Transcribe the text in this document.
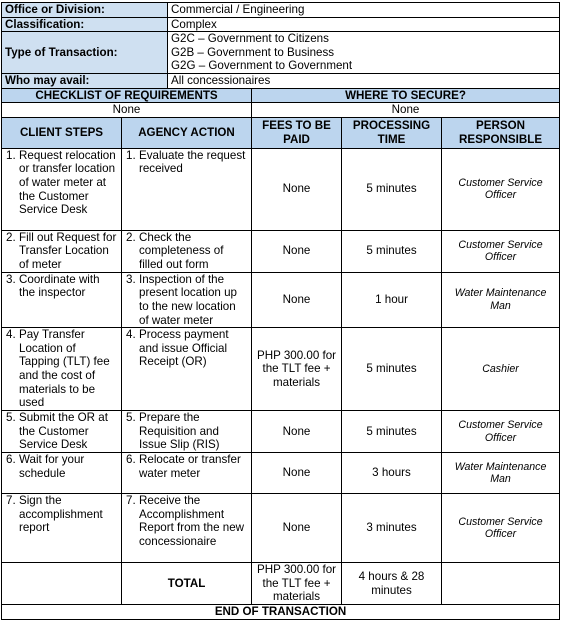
Office or Division:		Commercial / Engineering			
Classification:		Complex			
Type of Transaction:		G2C – Government to Citizens
G2B – Government to Business
G2G – Government to Government			

Who may avail:		All concessionaires			
CHECKLIST OF REQUIREMENTS			WHERE TO SECURE?		
None			None		
CLIENT STEPS	AGENCY ACTION		FEES TO BE PAID	PROCESSING TIME	PERSON RESPONSIBLE

1. Request relocation or transfer location of water meter at the Customer Service Desk	1. Evaluate the request received		None	5 minutes	Customer Service Officer

2. Fill out Request for Transfer Location of meter	2. Check the completeness of filled out form		None	5 minutes	Customer Service Officer

3. Coordinate with the inspector	3. Inspection of the present location up to the new location of water meter		None	1 hour	Water Maintenance Man

4. Pay Transfer Location of Tapping (TLT) fee and the cost of materials to be used	4. Process payment and issue Official Receipt (OR)		PHP 300.00 for the TLT fee + materials	5 minutes	Cashier

5. Submit the OR at the Customer Service Desk	5. Prepare the Requisition and Issue Slip (RIS)		None	5 minutes	Customer Service Officer

6. Wait for your schedule	6. Relocate or transfer water meter		None	3 hours	Water Maintenance Man

7. Sign the accomplishment report	7. Receive the Accomplishment Report from the new concessionaire		None	3 minutes	Customer Service Officer
	TOTAL		PHP 300.00 for the TLT fee + materials	4 hours & 28 minutes	
END OF TRANSACTION					
